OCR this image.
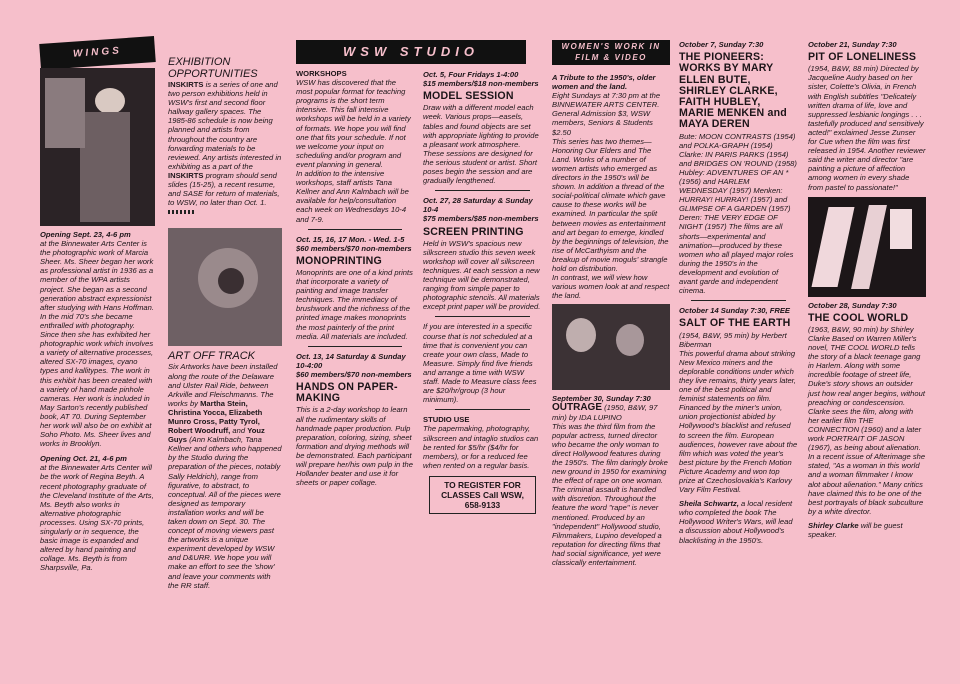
WINGS

Opening Sept. 23, 4-6 pm

at the Binnewater Arts Center is the photographic work of Marcia Sheer. Ms. Sheer began her work as professional artist in 1936 as a member of the WPA artists project. She began as a second generation abstract expressionist after studying with Hans Hoffman. In the mid 70's she became enthralled with photography. Since then she has exhibited her photographic work which involves a variety of alternative processes, altered SX-70 images, cyano types and kallitypes. The work in this exhibit has been created with a variety of hand made pinhole cameras. Her work is included in May Sarton's recently published book, AT 70. During September her work will also be on exhibit at Soho Photo. Ms. Sheer lives and works in Brooklyn.

Opening Oct. 21, 4-6 pm

at the Binnewater Arts Center will be the work of Regina Beyth. A recent photography graduate of the Cleveland Institute of the Arts, Ms. Beyth also works in alternative photographic processes. Using SX-70 prints, singularly or in sequence, the basic image is expanded and altered by hand painting and collage. Ms. Beyth is from Sharpsville, Pa.

EXHIBITION OPPORTUNITIES

INSKIRTS is a series of one and two person exhibitions held in WSW's first and second floor hallway gallery spaces. The 1985-86 schedule is now being planned and artists from throughout the country are forwarding materials to be reviewed. Any artists interested in exhibiting as a part of the INSKIRTS program should send slides (15-25), a recent resume, and SASE for return of materials, to WSW, no later than Oct. 1.

ART OFF TRACK

Six Artworks have been installed along the route of the Delaware and Ulster Rail Ride, between Arkville and Fleischmanns. The works by Martha Stein, Christina Yocca, Elizabeth Munro Cross, Patty Tyrol, Robert Woodruff, and Youz Guys (Ann Kalmbach, Tana Kellner and others who happened by the Studio during the preparation of the pieces, notably Sally Heldrich), range from figurative, to abstract, to conceptual. All of the pieces were designed as temporary installation works and will be taken down on Sept. 30. The concept of moving viewers past the artworks is a unique experiment developed by WSW and D&URR. We hope you will make an effort to see the 'show' and leave your comments with the RR staff.

WSW STUDIO

WORKSHOPS

WSW has discovered that the most popular format for teaching programs is the short term intensive. This fall intensive workshops will be held in a variety of formats. We hope you will find one that fits your schedule. If not we welcome your input on scheduling and/or program and event planning in general.

In addition to the intensive workshops, staff artists Tana Kellner and Ann Kalmbach will be available for help/consultation each week on Wednesdays 10-4 and 7-9.

Oct. 15, 16, 17 Mon. - Wed. 1-5

$60 members/$70 non-members

MONOPRINTING

Monoprints are one of a kind prints that incorporate a variety of painting and image transfer techniques. The immediacy of brushwork and the richness of the printed image makes monoprints the most painterly of the print media. All materials are included.

Oct. 13, 14 Saturday & Sunday 10-4:00

$60 members/$70 non-members

HANDS ON PAPER-MAKING

This is a 2-day workshop to learn all the rudimentary skills of handmade paper production. Pulp preparation, coloring, sizing, sheet formation and drying methods will be demonstrated. Each participant will prepare her/his own pulp in the Hollander beater and use it for sheets or paper collage.

Oct. 5, Four Fridays 1-4:00

$15 members/$18 non-members

MODEL SESSION

Draw with a different model each week. Various props—easels, tables and found objects are set with appropriate lighting to provide a pleasant work atmosphere. These sessions are designed for the serious student or artist. Short poses begin the session and are gradually lengthened.

Oct. 27, 28 Saturday & Sunday 10-4

$75 members/$85 non-members

SCREEN PRINTING

Held in WSW's spacious new silkscreen studio this seven week workshop will cover all silkscreen techniques. At each session a new technique will be demonstrated, ranging from simple paper to photographic stencils. All materials except print paper will be provided.

If you are interested in a specific course that is not scheduled at a time that is convenient you can create your own class, Made to Measure. Simply find five friends and arrange a time with WSW staff. Made to Measure class fees are $20/hr/group (3 hour minimum).

STUDIO USE

The papermaking, photography, silkscreen and intaglio studios can be rented for $5/hr ($4/hr for members), or for a reduced fee when rented on a regular basis.

TO REGISTER FOR CLASSES Call WSW, 658-9133

WOMEN'S WORK IN FILM & VIDEO

A Tribute to the 1950's, older women and the land.

Eight Sundays at 7:30 pm at the BINNEWATER ARTS CENTER. General Admission $3, WSW members, Seniors & Students $2.50

This series has two themes—Honoring Our Elders and The Land. Works of a number of women artists who emerged as directors in the 1950's will be shown. In addition a thread of the social-political climate which gave cause to these works will be examined. In particular the split between movies as entertainment and art began to emerge, kindled by the beginnings of television, the rise of McCarthyism and the breakup of movie moguls' strangle hold on distribution.

In contrast, we will view how various women look at and respect the land.

September 30, Sunday 7:30

OUTRAGE (1950, B&W, 97 min) by IDA LUPINO

This was the third film from the popular actress, turned director who became the only woman to direct Hollywood features during the 1950's. The film daringly broke new ground in 1950 for examining the effect of rape on one woman. The criminal assault is handled with discretion. Throughout the feature the word "rape" is never mentioned. Produced by an "independent" Hollywood studio, Filmmakers, Lupino developed a reputation for directing films that had social significance, yet were classically entertainment.

October 7, Sunday 7:30

THE PIONEERS: WORKS BY MARY ELLEN BUTE, SHIRLEY CLARKE, FAITH HUBLEY, MARIE MENKEN and MAYA DEREN

Bute: MOON CONTRASTS (1954) and POLKA-GRAPH (1954) Clarke: IN PARIS PARKS (1954) and BRIDGES ON 'ROUND (1958) Hubley: ADVENTURES OF AN * (1956) and HARLEM WEDNESDAY (1957) Menken: HURRAY! HURRAY! (1957) and GLIMPSE OF A GARDEN (1957) Deren: THE VERY EDGE OF NIGHT (1957) The films are all shorts—experimental and animation—produced by these women who all played major roles during the 1950's in the development and evolution of avant garde and independent cinema.

October 14 Sunday 7:30, FREE

SALT OF THE EARTH

(1954, B&W, 95 min) by Herbert Biberman

This powerful drama about striking New Mexico miners and the deplorable conditions under which they live remains, thirty years later, one of the best political and feminist statements on film. Financed by the miner's union, union projectionist abided by Hollywood's blacklist and refused to screen the film. European audiences, however rave about the film which was voted the year's best picture by the French Motion Picture Academy and won top prize at Czechoslovakia's Karlovy Vary Film Festival.

Sheila Schwartz, a local resident who completed the book The Hollywood Writer's Wars, will lead a discussion about Hollywood's blacklisting in the 1950's.

October 21, Sunday 7:30

PIT OF LONELINESS

(1954, B&W, 88 min) Directed by Jacqueline Audry based on her sister, Colette's Olivia, in French with English subtitles "Delicately written drama of life, love and suppressed lesbianic longings . . . tastefully produced and sensitively acted!" exclaimed Jesse Zunser for Cue when the film was first released in 1954. Another reviewer said the writer and director "are painting a picture of affection among women in every shade from pastel to passionate!"

October 28, Sunday 7:30

THE COOL WORLD

(1963, B&W, 90 min) by Shirley Clarke Based on Warren Miller's novel, THE COOL WORLD tells the story of a black teenage gang in Harlem. Along with some incredible footage of street life, Duke's story shows an outsider just how real anger begins, without preaching or condescension. Clarke sees the film, along with her earlier film THE CONNECTION (1960) and a later work PORTRAIT OF JASON (1967), as being about alienation. In a recent issue of Afterimage she stated, "As a woman in this world and a woman filmmaker I know alot about alienation." Many critics have claimed this to be one of the best portrayals of black subculture by a white director.

Shirley Clarke will be guest speaker.
